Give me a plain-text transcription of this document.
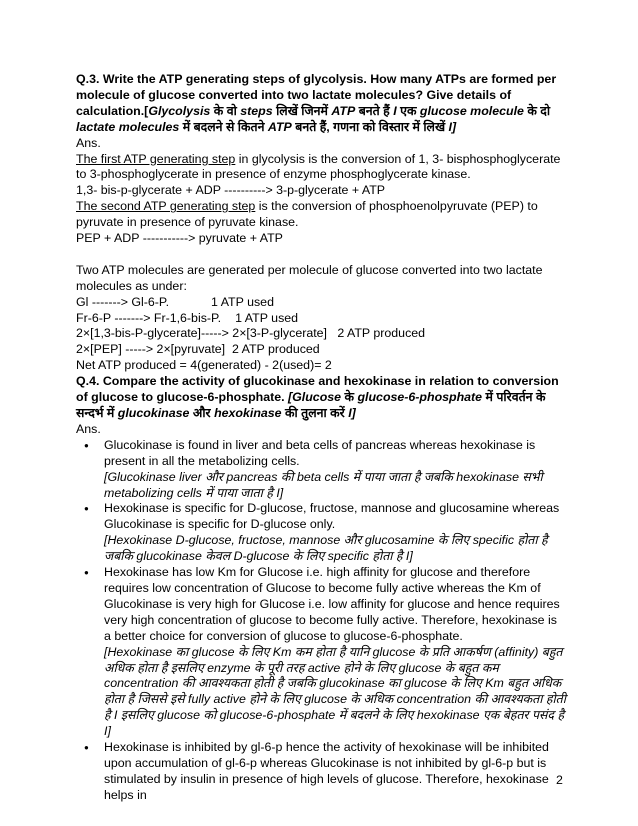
Q.3. Write the ATP generating steps of glycolysis. How many ATPs are formed per molecule of glucose converted into two lactate molecules? Give details of calculation.[Glycolysis के वो steps लिखें जिनमें ATP बनते हैं I एक glucose molecule के दो lactate molecules में बदलने से कितने ATP बनते हैं, गणना को विस्तार में लिखें I]

Ans.

The first ATP generating step in glycolysis is the conversion of 1, 3- bisphosphoglycerate to 3-phosphoglycerate in presence of enzyme phosphoglycerate kinase.

1,3- bis-p-glycerate + ADP ----------> 3-p-glycerate + ATP

The second ATP generating step is the conversion of phosphoenolpyruvate (PEP) to pyruvate in presence of pyruvate kinase.

PEP + ADP -----------> pyruvate + ATP

Two ATP molecules are generated per molecule of glucose converted into two lactate molecules as under:

Gl -------> Gl-6-P.	1 ATP used

Fr-6-P -------> Fr-1,6-bis-P. 1 ATP used

2×[1,3-bis-P-glycerate]-----> 2×[3-P-glycerate]   2 ATP produced

2×[PEP] -----> 2×[pyruvate]  2 ATP produced

Net ATP produced = 4(generated) - 2(used)= 2

Q.4. Compare the activity of glucokinase and hexokinase in relation to conversion of glucose to glucose-6-phosphate. [Glucose के glucose-6-phosphate में परिवर्तन के सन्दर्भ में glucokinase और hexokinase की तुलना करें I]

Ans.

● Glucokinase is found in liver and beta cells of pancreas whereas hexokinase is present in all the metabolizing cells.
[Glucokinase liver और pancreas की beta cells में पाया जाता है जबकि hexokinase सभी metabolizing cells में पाया जाता है I]
● Hexokinase is specific for D-glucose, fructose, mannose and glucosamine whereas Glucokinase is specific for D-glucose only.
[Hexokinase D-glucose, fructose, mannose और glucosamine के लिए specific होता है जबकि glucokinase केवल D-glucose के लिए specific होता है I]
● Hexokinase has low Km for Glucose i.e. high affinity for glucose and therefore requires low concentration of Glucose to become fully active whereas the Km of Glucokinase is very high for Glucose i.e. low affinity for glucose and hence requires very high concentration of glucose to become fully active. Therefore, hexokinase is a better choice for conversion of glucose to glucose-6-phosphate.
[Hexokinase का glucose के लिए Km कम होता है यानि glucose के प्रति आकर्षण (affinity) बहुत अधिक होता है इसलिए enzyme के पूरी तरह active होने के लिए glucose के बहुत कम concentration की आवश्यकता होती है जबकि glucokinase का glucose के लिए Km बहुत अधिक होता है जिससे इसे fully active होने के लिए glucose के अधिक concentration की आवश्यकता होती है I इसलिए glucose को glucose-6-phosphate में बदलने के लिए hexokinase एक बेहतर पसंद है I]
● Hexokinase is inhibited by gl-6-p hence the activity of hexokinase will be inhibited upon accumulation of gl-6-p whereas Glucokinase is not inhibited by gl-6-p but is stimulated by insulin in presence of high levels of glucose. Therefore, hexokinase helps in
2
